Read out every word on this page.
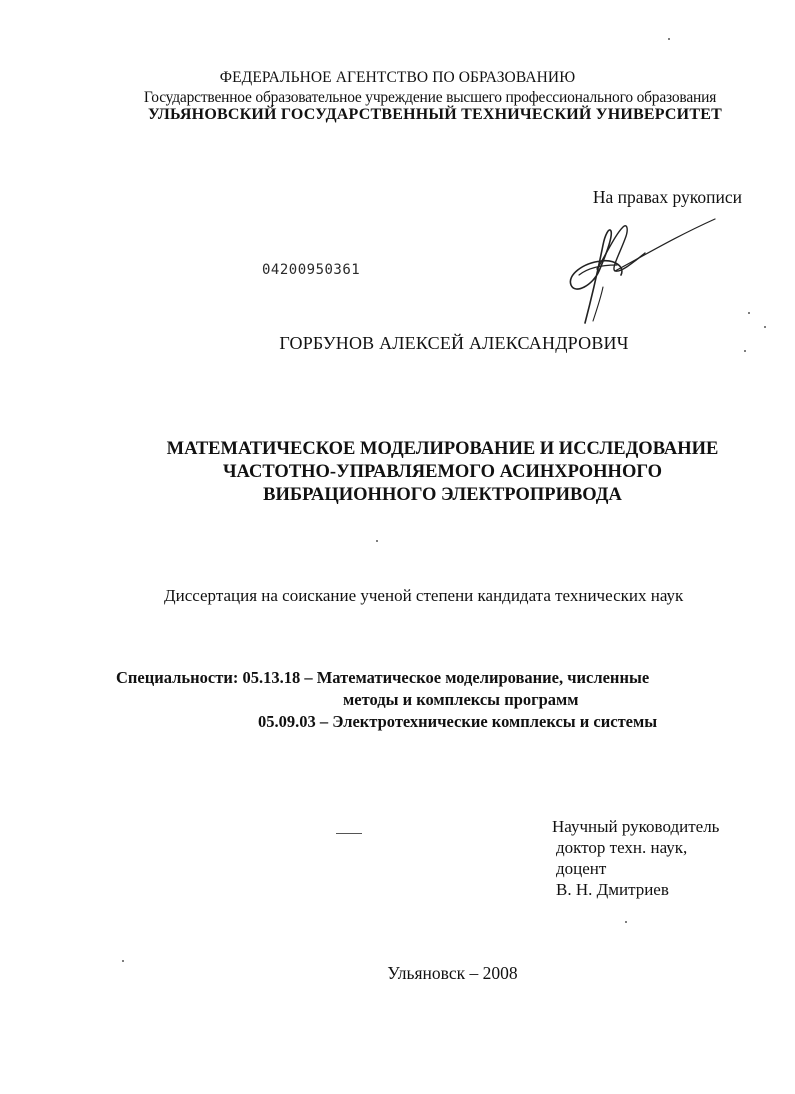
ФЕДЕРАЛЬНОЕ АГЕНТСТВО ПО ОБРАЗОВАНИЮ
Государственное образовательное учреждение высшего профессионального образования
УЛЬЯНОВСКИЙ ГОСУДАРСТВЕННЫЙ ТЕХНИЧЕСКИЙ УНИВЕРСИТЕТ
На правах рукописи
04200950361
ГОРБУНОВ АЛЕКСЕЙ АЛЕКСАНДРОВИЧ
МАТЕМАТИЧЕСКОЕ МОДЕЛИРОВАНИЕ И ИССЛЕДОВАНИЕ
ЧАСТОТНО-УПРАВЛЯЕМОГО АСИНХРОННОГО
ВИБРАЦИОННОГО ЭЛЕКТРОПРИВОДА
Диссертация на соискание ученой степени кандидата технических наук
Специальности: 05.13.18 – Математическое моделирование, численные
методы и комплексы программ
05.09.03 – Электротехнические комплексы и системы
Научный руководитель
доктор техн. наук,
доцент
В. Н. Дмитриев
Ульяновск – 2008
